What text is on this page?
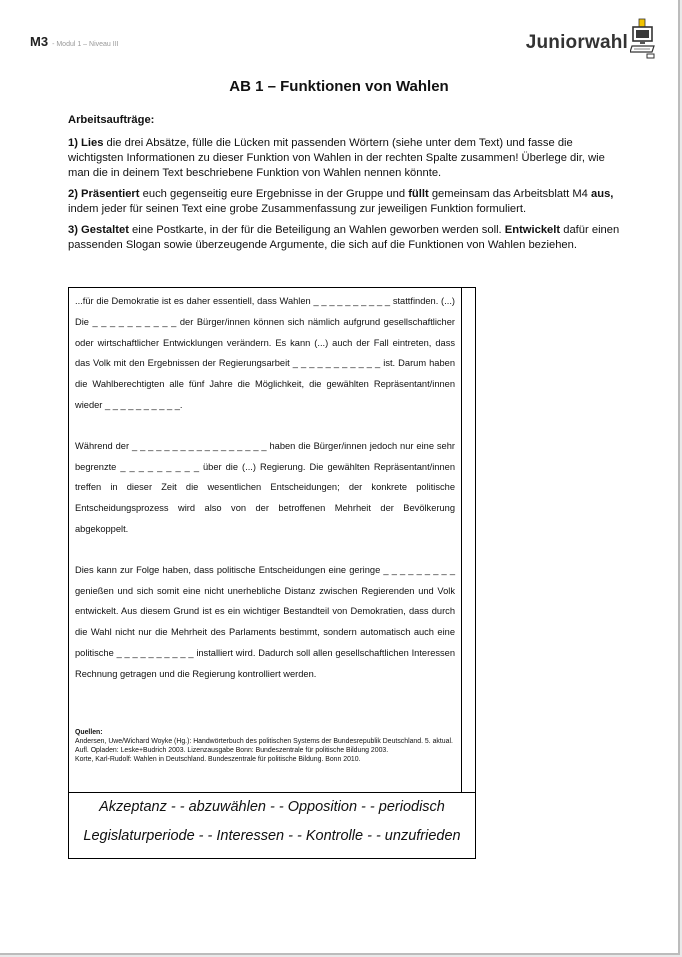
M3 - Modul 1 – Niveau III	Juniorwahl
AB 1 – Funktionen von Wahlen
Arbeitsaufträge:

1) Lies die drei Absätze, fülle die Lücken mit passenden Wörtern (siehe unter dem Text) und fasse die wichtigsten Informationen zu dieser Funktion von Wahlen in der rechten Spalte zusammen! Überlege dir, wie man die in deinem Text beschriebene Funktion von Wahlen nennen könnte.

2) Präsentiert euch gegenseitig eure Ergebnisse in der Gruppe und füllt gemeinsam das Arbeitsblatt M4 aus, indem jeder für seinen Text eine grobe Zusammenfassung zur jeweiligen Funktion formuliert.

3) Gestaltet eine Postkarte, in der für die Beteiligung an Wahlen geworben werden soll. Entwickelt dafür einen passenden Slogan sowie überzeugende Argumente, die sich auf die Funktionen von Wahlen beziehen.

...für die Demokratie ist es daher essentiell, dass Wahlen _ _ _ _ _ _ _ _ _ _ stattfinden. (...) Die _ _ _ _ _ _ _ _ _ _ der Bürger/innen können sich nämlich aufgrund gesellschaftlicher oder wirtschaftlicher Entwicklungen verändern. Es kann (...) auch der Fall eintreten, dass das Volk mit den Ergebnissen der Regierungsarbeit _ _ _ _ _ _ _ _ _ _ _ ist. Darum haben die Wahlberechtigten alle fünf Jahre die Möglichkeit, die gewählten Repräsentant/innen wieder _ _ _ _ _ _ _ _ _ _.

Während der _ _ _ _ _ _ _ _ _ _ _ _ _ _ _ _ _ haben die Bürger/innen jedoch nur eine sehr begrenzte _ _ _ _ _ _ _ _ _ über die (...) Regierung. Die gewählten Repräsentant/innen treffen in dieser Zeit die wesentlichen Entscheidungen; der konkrete politische Entscheidungsprozess wird also von der betroffenen Mehrheit der Bevölkerung abgekoppelt.

Dies kann zur Folge haben, dass politische Entscheidungen eine geringe _ _ _ _ _ _ _ _ _ genießen und sich somit eine nicht unerhebliche Distanz zwischen Regierenden und Volk entwickelt. Aus diesem Grund ist es ein wichtiger Bestandteil von Demokratien, dass durch die Wahl nicht nur die Mehrheit des Parlaments bestimmt, sondern automatisch auch eine politische _ _ _ _ _ _ _ _ _ _ installiert wird. Dadurch soll allen gesellschaftlichen Interessen Rechnung getragen und die Regierung kontrolliert werden.

Quellen:
Andersen, Uwe/Wichard Woyke (Hg.): Handwörterbuch des politischen Systems der Bundesrepublik Deutschland. 5. aktual. Aufl. Opladen: Leske+Budrich 2003. Lizenzausgabe Bonn: Bundeszentrale für politische Bildung 2003.
Korte, Karl-Rudolf: Wahlen in Deutschland. Bundeszentrale für politische Bildung. Bonn 2010.
Akzeptanz - - abzuwählen - - Opposition - - periodisch
Legislaturperiode - - Interessen - - Kontrolle - - unzufrieden
